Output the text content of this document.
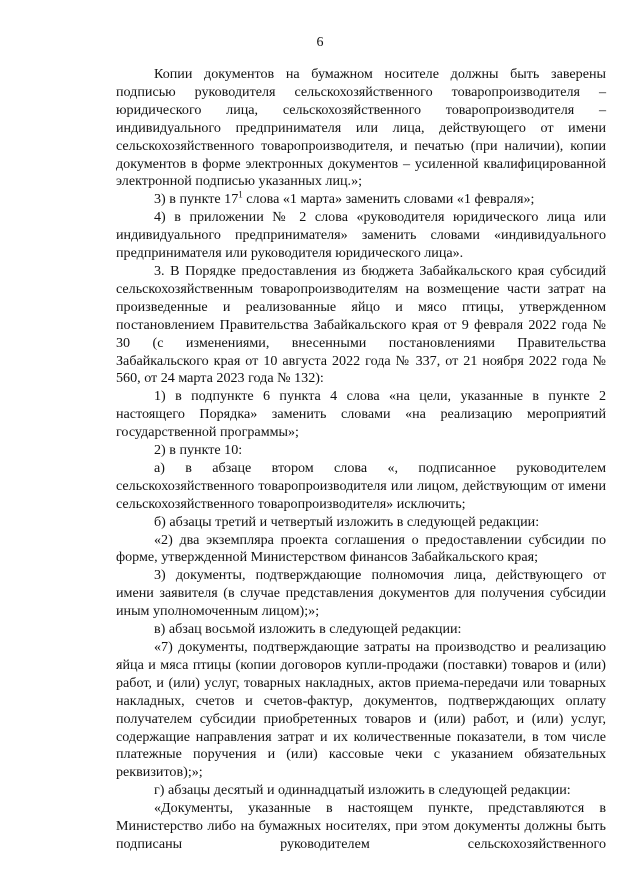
6

Копии документов на бумажном носителе должны быть заверены подписью руководителя сельскохозяйственного товаропроизводителя – юридического лица, сельскохозяйственного товаропроизводителя – индивидуального предпринимателя или лица, действующего от имени сельскохозяйственного товаропроизводителя, и печатью (при наличии), копии документов в форме электронных документов – усиленной квалифицированной электронной подписью указанных лиц.»;

3) в пункте $17^1$ слова «1 марта» заменить словами «1 февраля»;

4) в приложении № 2 слова «руководителя юридического лица или индивидуального предпринимателя» заменить словами «индивидуального предпринимателя или руководителя юридического лица».

3. В Порядке предоставления из бюджета Забайкальского края субсидий сельскохозяйственным товаропроизводителям на возмещение части затрат на произведенные и реализованные яйцо и мясо птицы, утвержденном постановлением Правительства Забайкальского края от 9 февраля 2022 года № 30 (с изменениями, внесенными постановлениями Правительства Забайкальского края от 10 августа 2022 года № 337, от 21 ноября 2022 года № 560, от 24 марта 2023 года № 132):

1) в подпункте 6 пункта 4 слова «на цели, указанные в пункте 2 настоящего Порядка» заменить словами «на реализацию мероприятий государственной программы»;

2) в пункте 10:

а) в абзаце втором слова «, подписанное руководителем сельскохозяйственного товаропроизводителя или лицом, действующим от имени сельскохозяйственного товаропроизводителя» исключить;

б) абзацы третий и четвертый изложить в следующей редакции:

«2) два экземпляра проекта соглашения о предоставлении субсидии по форме, утвержденной Министерством финансов Забайкальского края;

3) документы, подтверждающие полномочия лица, действующего от имени заявителя (в случае представления документов для получения субсидии иным уполномоченным лицом);»;

в) абзац восьмой изложить в следующей редакции:

«7) документы, подтверждающие затраты на производство и реализацию яйца и мяса птицы (копии договоров купли-продажи (поставки) товаров и (или) работ, и (или) услуг, товарных накладных, актов приема-передачи или товарных накладных, счетов и счетов-фактур, документов, подтверждающих оплату получателем субсидии приобретенных товаров и (или) работ, и (или) услуг, содержащие направления затрат и их количественные показатели, в том числе платежные поручения и (или) кассовые чеки с указанием обязательных реквизитов);»;

г) абзацы десятый и одиннадцатый изложить в следующей редакции:

«Документы, указанные в настоящем пункте, представляются в Министерство либо на бумажных носителях, при этом документы должны быть подписаны руководителем сельскохозяйственного
